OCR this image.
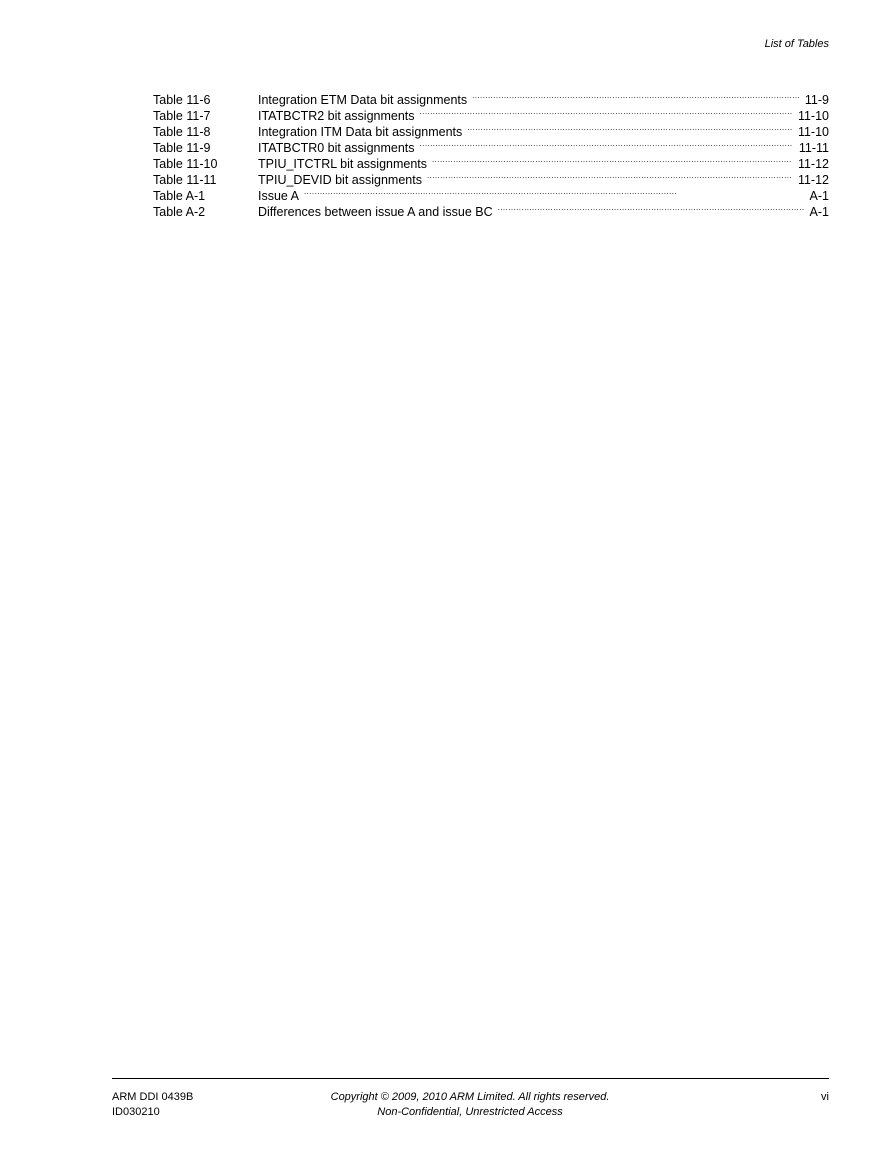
List of Tables
Table 11-6	Integration ETM Data bit assignments . . .	11-9
Table 11-7	ITATBCTR2 bit assignments . . .	11-10
Table 11-8	Integration ITM Data bit assignments . . .	11-10
Table 11-9	ITATBCTR0 bit assignments . . .	11-11
Table 11-10	TPIU_ITCTRL bit assignments . . .	11-12
Table 11-11	TPIU_DEVID bit assignments . . .	11-12
Table A-1	Issue A . . .	A-1
Table A-2	Differences between issue A and issue BC . . .	A-1
ARM DDI 0439B
ID030210
Copyright © 2009, 2010 ARM Limited. All rights reserved.
Non-Confidential, Unrestricted Access
vi
